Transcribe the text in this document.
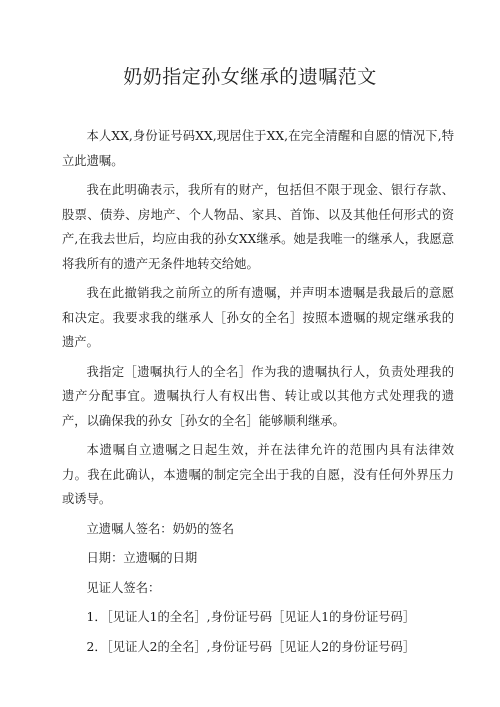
奶奶指定孙女继承的遗嘱范文

本人XX,身份证号码XX,现居住于XX,在完全清醒和自愿的情况下,特立此遗嘱。

我在此明确表示，我所有的财产，包括但不限于现金、银行存款、股票、债券、房地产、个人物品、家具、首饰、以及其他任何形式的资产,在我去世后，均应由我的孙女XX继承。她是我唯一的继承人，我愿意将我所有的遗产无条件地转交给她。

我在此撤销我之前所立的所有遗嘱，并声明本遗嘱是我最后的意愿和决定。我要求我的继承人［孙女的全名］按照本遗嘱的规定继承我的遗产。

我指定［遗嘱执行人的全名］作为我的遗嘱执行人，负责处理我的遗产分配事宜。遗嘱执行人有权出售、转让或以其他方式处理我的遗产，以确保我的孙女［孙女的全名］能够顺利继承。

本遗嘱自立遗嘱之日起生效，并在法律允许的范围内具有法律效力。我在此确认，本遗嘱的制定完全出于我的自愿，没有任何外界压力或诱导。

立遗嘱人签名：奶奶的签名

日期：立遗嘱的日期

见证人签名：

1．［见证人1的全名］,身份证号码［见证人1的身份证号码］

2．［见证人2的全名］,身份证号码［见证人2的身份证号码］
